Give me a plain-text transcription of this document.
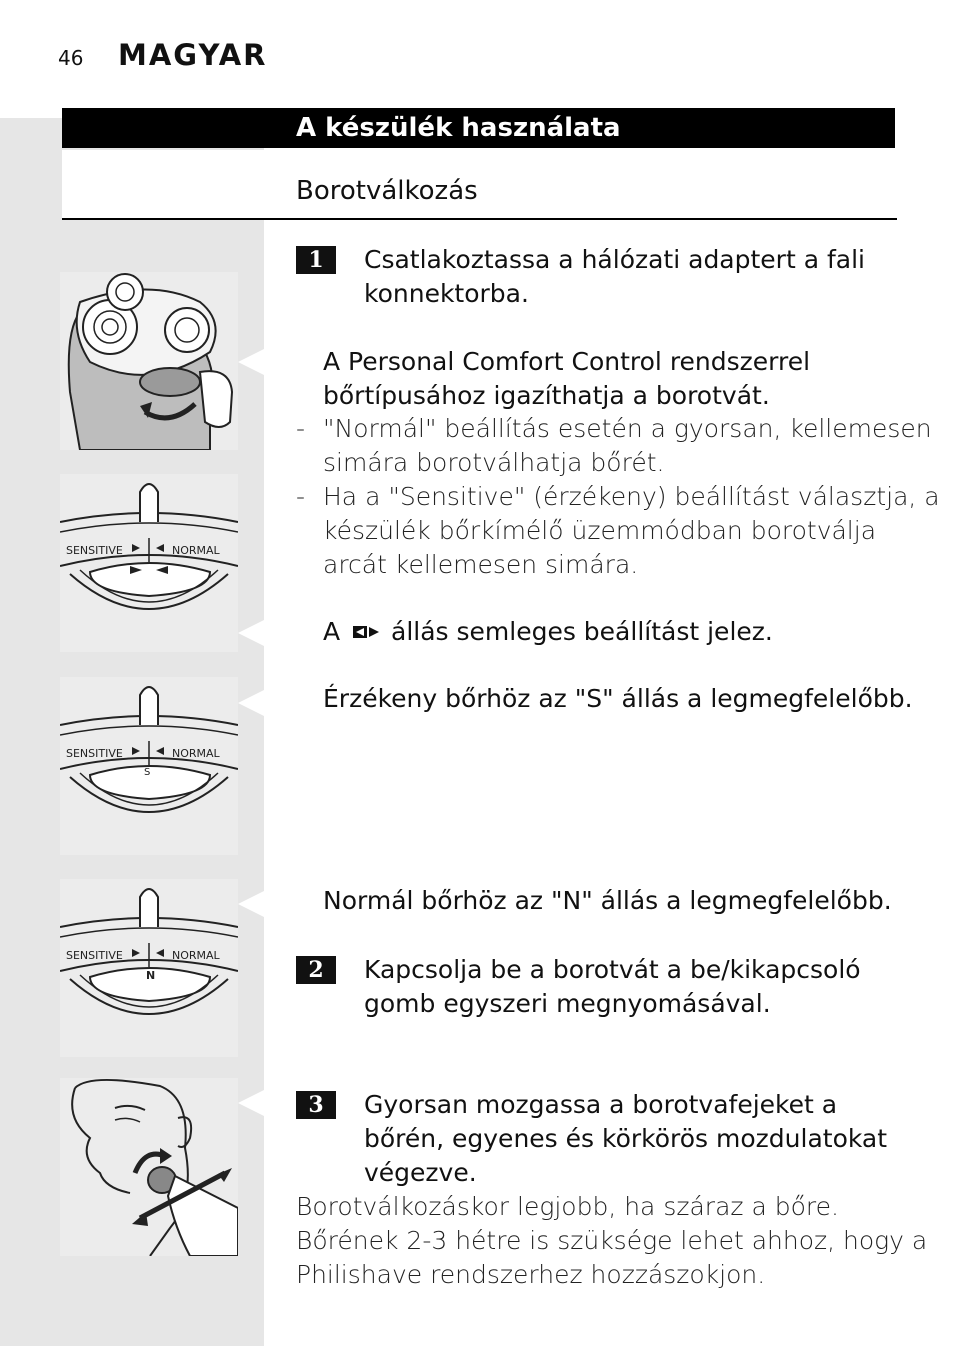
46 MAGYAR
A készülék használata
Borotválkozás
SENSITIVE	NORMAL
SENSITIVE	NORMAL
S
SENSITIVE	NORMAL
N
1	Csatlakoztassa a hálózati adaptert a fali
konnektorba.
A Personal Comfort Control rendszerrel
bőrtípusához igazíthatja a borotvát.
- "Normál" beállítás esetén a gyorsan, kellemesen
simára borotválhatja bőrét.
- Ha a "Sensitive" (érzékeny) beállítást választja, a
készülék bőrkímélő üzemmódban borotválja
arcát kellemesen simára.
A állás semleges beállítást jelez.
Érzékeny bőrhöz az "S" állás a legmegfelelőbb.
Normál bőrhöz az "N" állás a legmegfelelőbb.
2	Kapcsolja be a borotvát a be/kikapcsoló
gomb egyszeri megnyomásával.
3	Gyorsan mozgassa a borotvafejeket a
bőrén, egyenes és körkörös mozdulatokat
végezve.
Borotválkozáskor legjobb, ha száraz a bőre.
Bőrének 2-3 hétre is szüksége lehet ahhoz, hogy a
Philishave rendszerhez hozzászokjon.
